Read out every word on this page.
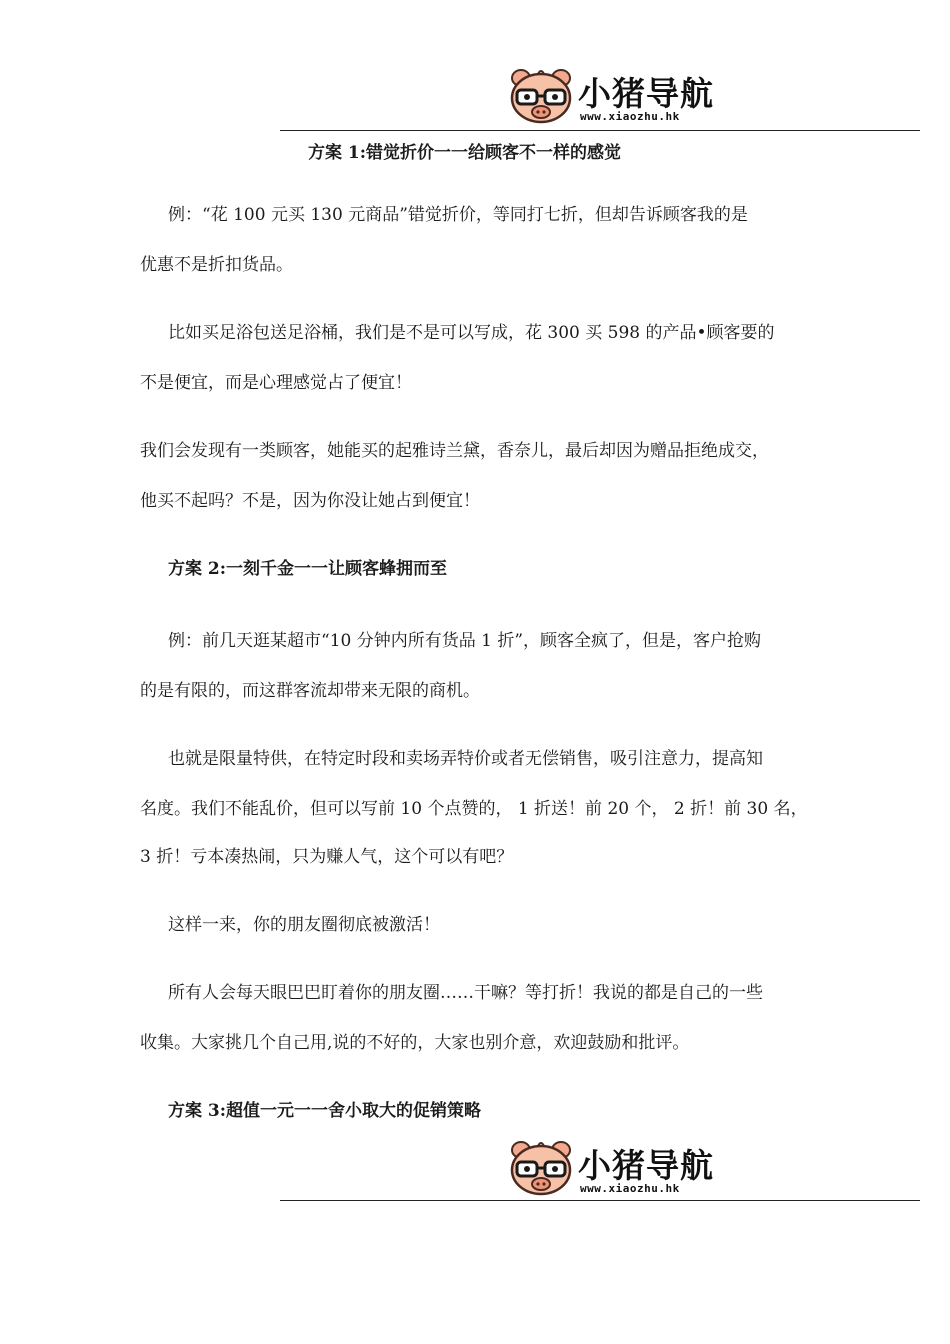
小猪导航
www.xiaozhu.hk

方案 1:错觉折价一一给顾客不一样的感觉

例：“花 100 元买 130 元商品”错觉折价，等同打七折，但却告诉顾客我的是

优惠不是折扣货品。

比如买足浴包送足浴桶，我们是不是可以写成，花 300 买 598 的产品•顾客要的

不是便宜，而是心理感觉占了便宜！

我们会发现有一类顾客，她能买的起雅诗兰黛，香奈儿，最后却因为赠品拒绝成交，

他买不起吗？不是，因为你没让她占到便宜！

方案 2:一刻千金一一让顾客蜂拥而至

例：前几天逛某超市“10 分钟内所有货品 1 折”，顾客全疯了，但是，客户抢购

的是有限的，而这群客流却带来无限的商机。

也就是限量特供，在特定时段和卖场弄特价或者无偿销售，吸引注意力，提高知

名度。我们不能乱价，但可以写前 10 个点赞的， 1 折送！前 20 个， 2 折！前 30 名，

3 折！亏本凑热闹，只为赚人气，这个可以有吧？

这样一来，你的朋友圈彻底被激活！

所有人会每天眼巴巴盯着你的朋友圈……干嘛？等打折！我说的都是自己的一些

收集。大家挑几个自己用,说的不好的，大家也别介意，欢迎鼓励和批评。

方案 3:超值一元一一舍小取大的促销策略

小猪导航
www.xiaozhu.hk
